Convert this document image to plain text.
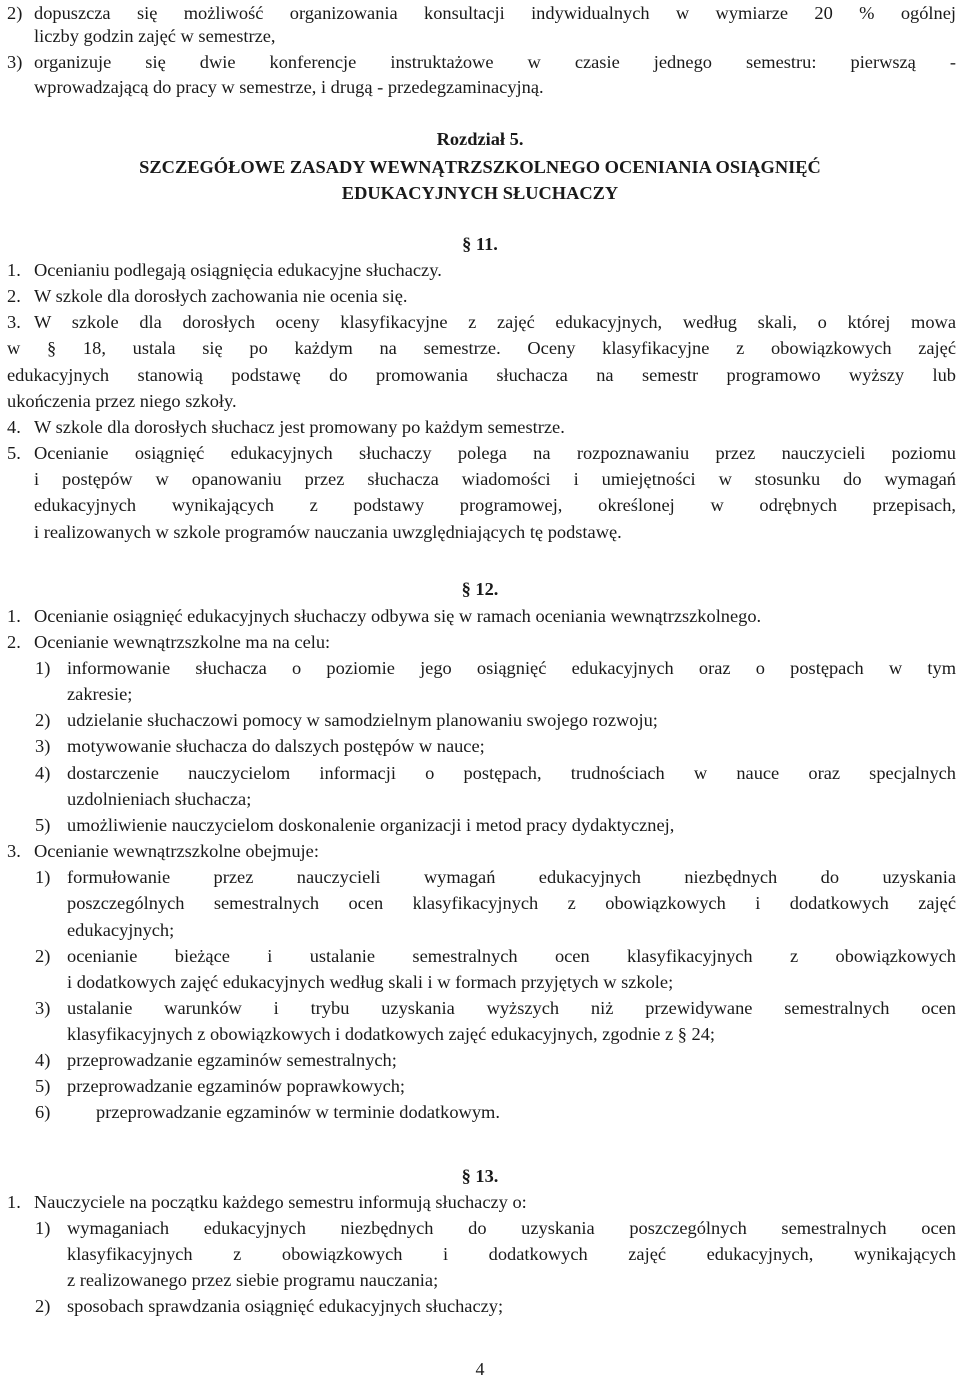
2) dopuszcza się możliwość organizowania konsultacji indywidualnych w wymiarze 20 % ogólnej
liczby godzin zajęć w semestrze,
3) organizuje się dwie konferencje instruktażowe w czasie jednego semestru: pierwszą -
wprowadzającą do pracy w semestrze, i drugą - przedegzaminacyjną.
Rozdział 5.
SZCZEGÓŁOWE ZASADY WEWNĄTRZSZKOLNEGO OCENIANIA OSIĄGNIĘĆ
EDUKACYJNYCH SŁUCHACZY
§ 11.
1. Ocenianiu podlegają osiągnięcia edukacyjne słuchaczy.
2. W szkole dla dorosłych zachowania nie ocenia się.
3. W szkole dla dorosłych oceny klasyfikacyjne z zajęć edukacyjnych, według skali, o której mowa
w § 18, ustala się po każdym na semestrze. Oceny klasyfikacyjne z obowiązkowych zajęć
edukacyjnych stanowią podstawę do promowania słuchacza na semestr programowo wyższy lub
ukończenia przez niego szkoły.
4. W szkole dla dorosłych słuchacz jest promowany po każdym semestrze.
5. Ocenianie osiągnięć edukacyjnych słuchaczy polega na rozpoznawaniu przez nauczycieli poziomu
i postępów w opanowaniu przez słuchacza wiadomości i umiejętności w stosunku do wymagań
edukacyjnych wynikających z podstawy programowej, określonej w odrębnych przepisach,
i realizowanych w szkole programów nauczania uwzględniających tę podstawę.
§ 12.
1. Ocenianie osiągnięć edukacyjnych słuchaczy odbywa się w ramach oceniania wewnątrzszkolnego.
2. Ocenianie wewnątrzszkolne ma na celu:
1) informowanie słuchacza o poziomie jego osiągnięć edukacyjnych oraz o postępach w tym
zakresie;
2) udzielanie słuchaczowi pomocy w samodzielnym planowaniu swojego rozwoju;
3) motywowanie słuchacza do dalszych postępów w nauce;
4) dostarczenie nauczycielom informacji o postępach, trudnościach w nauce oraz specjalnych
uzdolnieniach słuchacza;
5) umożliwienie nauczycielom doskonalenie organizacji i metod pracy dydaktycznej,
3. Ocenianie wewnątrzszkolne obejmuje:
1) formułowanie przez nauczycieli wymagań edukacyjnych niezbędnych do uzyskania
poszczególnych semestralnych ocen klasyfikacyjnych z obowiązkowych i dodatkowych zajęć
edukacyjnych;
2) ocenianie bieżące i ustalanie semestralnych ocen klasyfikacyjnych z obowiązkowych
i dodatkowych zajęć edukacyjnych według skali i w formach przyjętych w szkole;
3) ustalanie warunków i trybu uzyskania wyższych niż przewidywane semestralnych ocen
klasyfikacyjnych z obowiązkowych i dodatkowych zajęć edukacyjnych, zgodnie z § 24;
4) przeprowadzanie egzaminów semestralnych;
5) przeprowadzanie egzaminów poprawkowych;
6) przeprowadzanie egzaminów w terminie dodatkowym.
§ 13.
1. Nauczyciele na początku każdego semestru informują słuchaczy o:
1) wymaganiach edukacyjnych niezbędnych do uzyskania poszczególnych semestralnych ocen
klasyfikacyjnych z obowiązkowych i dodatkowych zajęć edukacyjnych, wynikających
z realizowanego przez siebie programu nauczania;
2) sposobach sprawdzania osiągnięć edukacyjnych słuchaczy;
4
